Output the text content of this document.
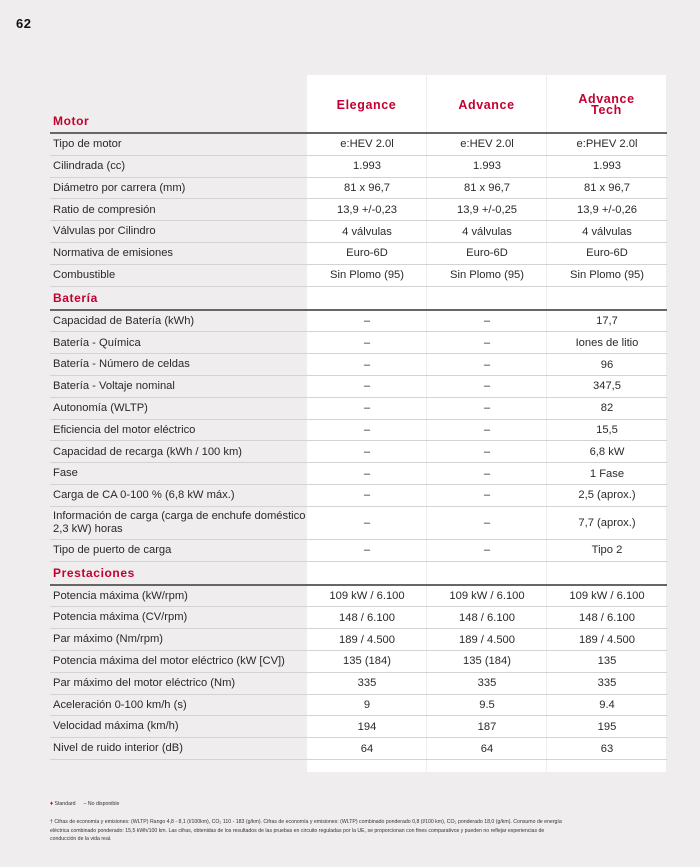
62
Elegance	Advance	Advance
Tech
Motor
Tipo de motor	e:HEV 2.0l	e:HEV 2.0l	e:PHEV 2.0l
Cilindrada (cc)	1.993	1.993	1.993
Diámetro por carrera (mm)	81 x 96,7	81 x 96,7	81 x 96,7
Ratio de compresión	13,9 +/-0,23	13,9 +/-0,25	13,9 +/-0,26
Válvulas por Cilindro	4 válvulas	4 válvulas	4 válvulas
Normativa de emisiones	Euro-6D	Euro-6D	Euro-6D
Combustible	Sin Plomo (95)	Sin Plomo (95)	Sin Plomo (95)
Batería
Capacidad de Batería (kWh)	–	–	17,7
Batería - Química	–	–	Iones de litio
Batería - Número de celdas	–	–	96
Batería - Voltaje nominal	–	–	347,5
Autonomía (WLTP)	–	–	82
Eficiencia del motor eléctrico	–	–	15,5
Capacidad de recarga (kWh / 100 km)	–	–	6,8 kW
Fase	–	–	1 Fase
Carga de CA 0-100 % (6,8 kW máx.)	–	–	2,5 (aprox.)
Información de carga (carga de enchufe doméstico 2,3 kW) horas	–	–	7,7 (aprox.)
Tipo de puerto de carga	–	–	Tipo 2
Prestaciones
Potencia máxima (kW/rpm)	109 kW / 6.100	109 kW / 6.100	109 kW / 6.100
Potencia máxima (CV/rpm)	148 / 6.100	148 / 6.100	148 / 6.100
Par máximo (Nm/rpm)	189 / 4.500	189 / 4.500	189 / 4.500
Potencia máxima del motor eléctrico (kW [CV])	135 (184)	135 (184)	135
Par máximo del motor eléctrico (Nm)	335	335	335
Aceleración 0-100 km/h (s)	9	9.5	9.4
Velocidad máxima (km/h)	194	187	195
Nivel de ruido interior (dB)	64	64	63
♦ Standard – No disponible
† Cifras de economía y emisiones: (WLTP) Rango 4,8 - 8,1 (l/100km), CO₂ 110 - 183 (g/km). Cifras de economía y emisiones: (WLTP) combinado ponderado 0,8 (l/100 km), CO₂ ponderado 18,0 (g/km). Consumo de energía eléctrica combinado ponderado: 15,5 kWh/100 km. Las cifras, obtenidas de los resultados de las pruebas en circuito reguladas por la UE, se proporcionan con fines comparativos y pueden no reflejar experiencias de conducción de la vida real.
